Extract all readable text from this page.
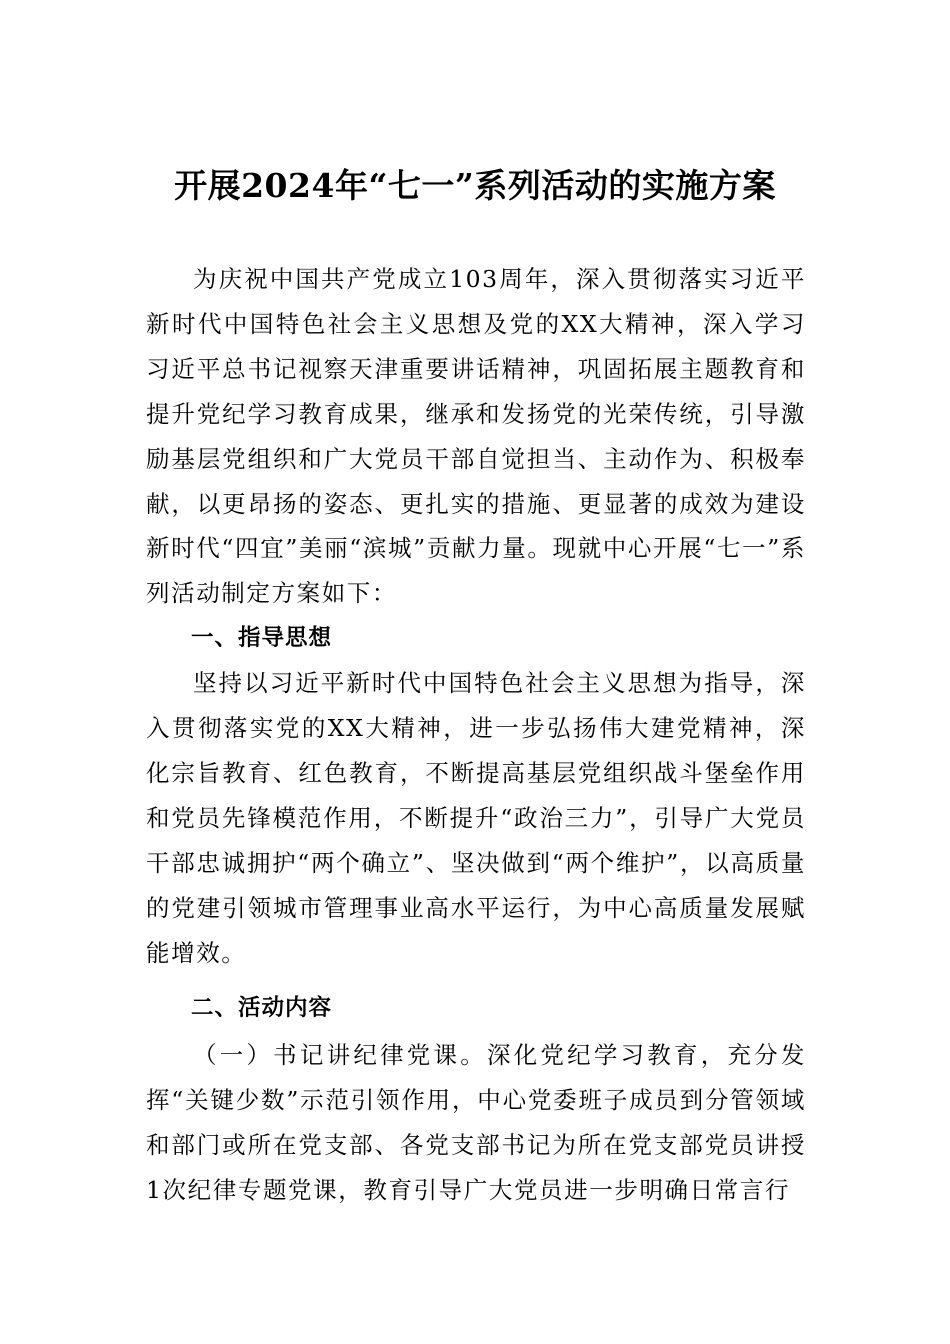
开展2024年“七一”系列活动的实施方案

为庆祝中国共产党成立103周年，深入贯彻落实习近平新时代中国特色社会主义思想及党的XX大精神，深入学习习近平总书记视察天津重要讲话精神，巩固拓展主题教育和提升党纪学习教育成果，继承和发扬党的光荣传统，引导激励基层党组织和广大党员干部自觉担当、主动作为、积极奉献，以更昂扬的姿态、更扎实的措施、更显著的成效为建设新时代“四宜”美丽“滨城”贡献力量。现就中心开展“七一”系列活动制定方案如下：

一、指导思想

坚持以习近平新时代中国特色社会主义思想为指导，深入贯彻落实党的XX大精神，进一步弘扬伟大建党精神，深化宗旨教育、红色教育，不断提高基层党组织战斗堡垒作用和党员先锋模范作用，不断提升“政治三力”，引导广大党员干部忠诚拥护“两个确立”、坚决做到“两个维护”，以高质量的党建引领城市管理事业高水平运行，为中心高质量发展赋能增效。

二、活动内容

（一）书记讲纪律党课。深化党纪学习教育，充分发挥“关键少数”示范引领作用，中心党委班子成员到分管领域和部门或所在党支部、各党支部书记为所在党支部党员讲授1次纪律专题党课，教育引导广大党员进一步明确日常言行
